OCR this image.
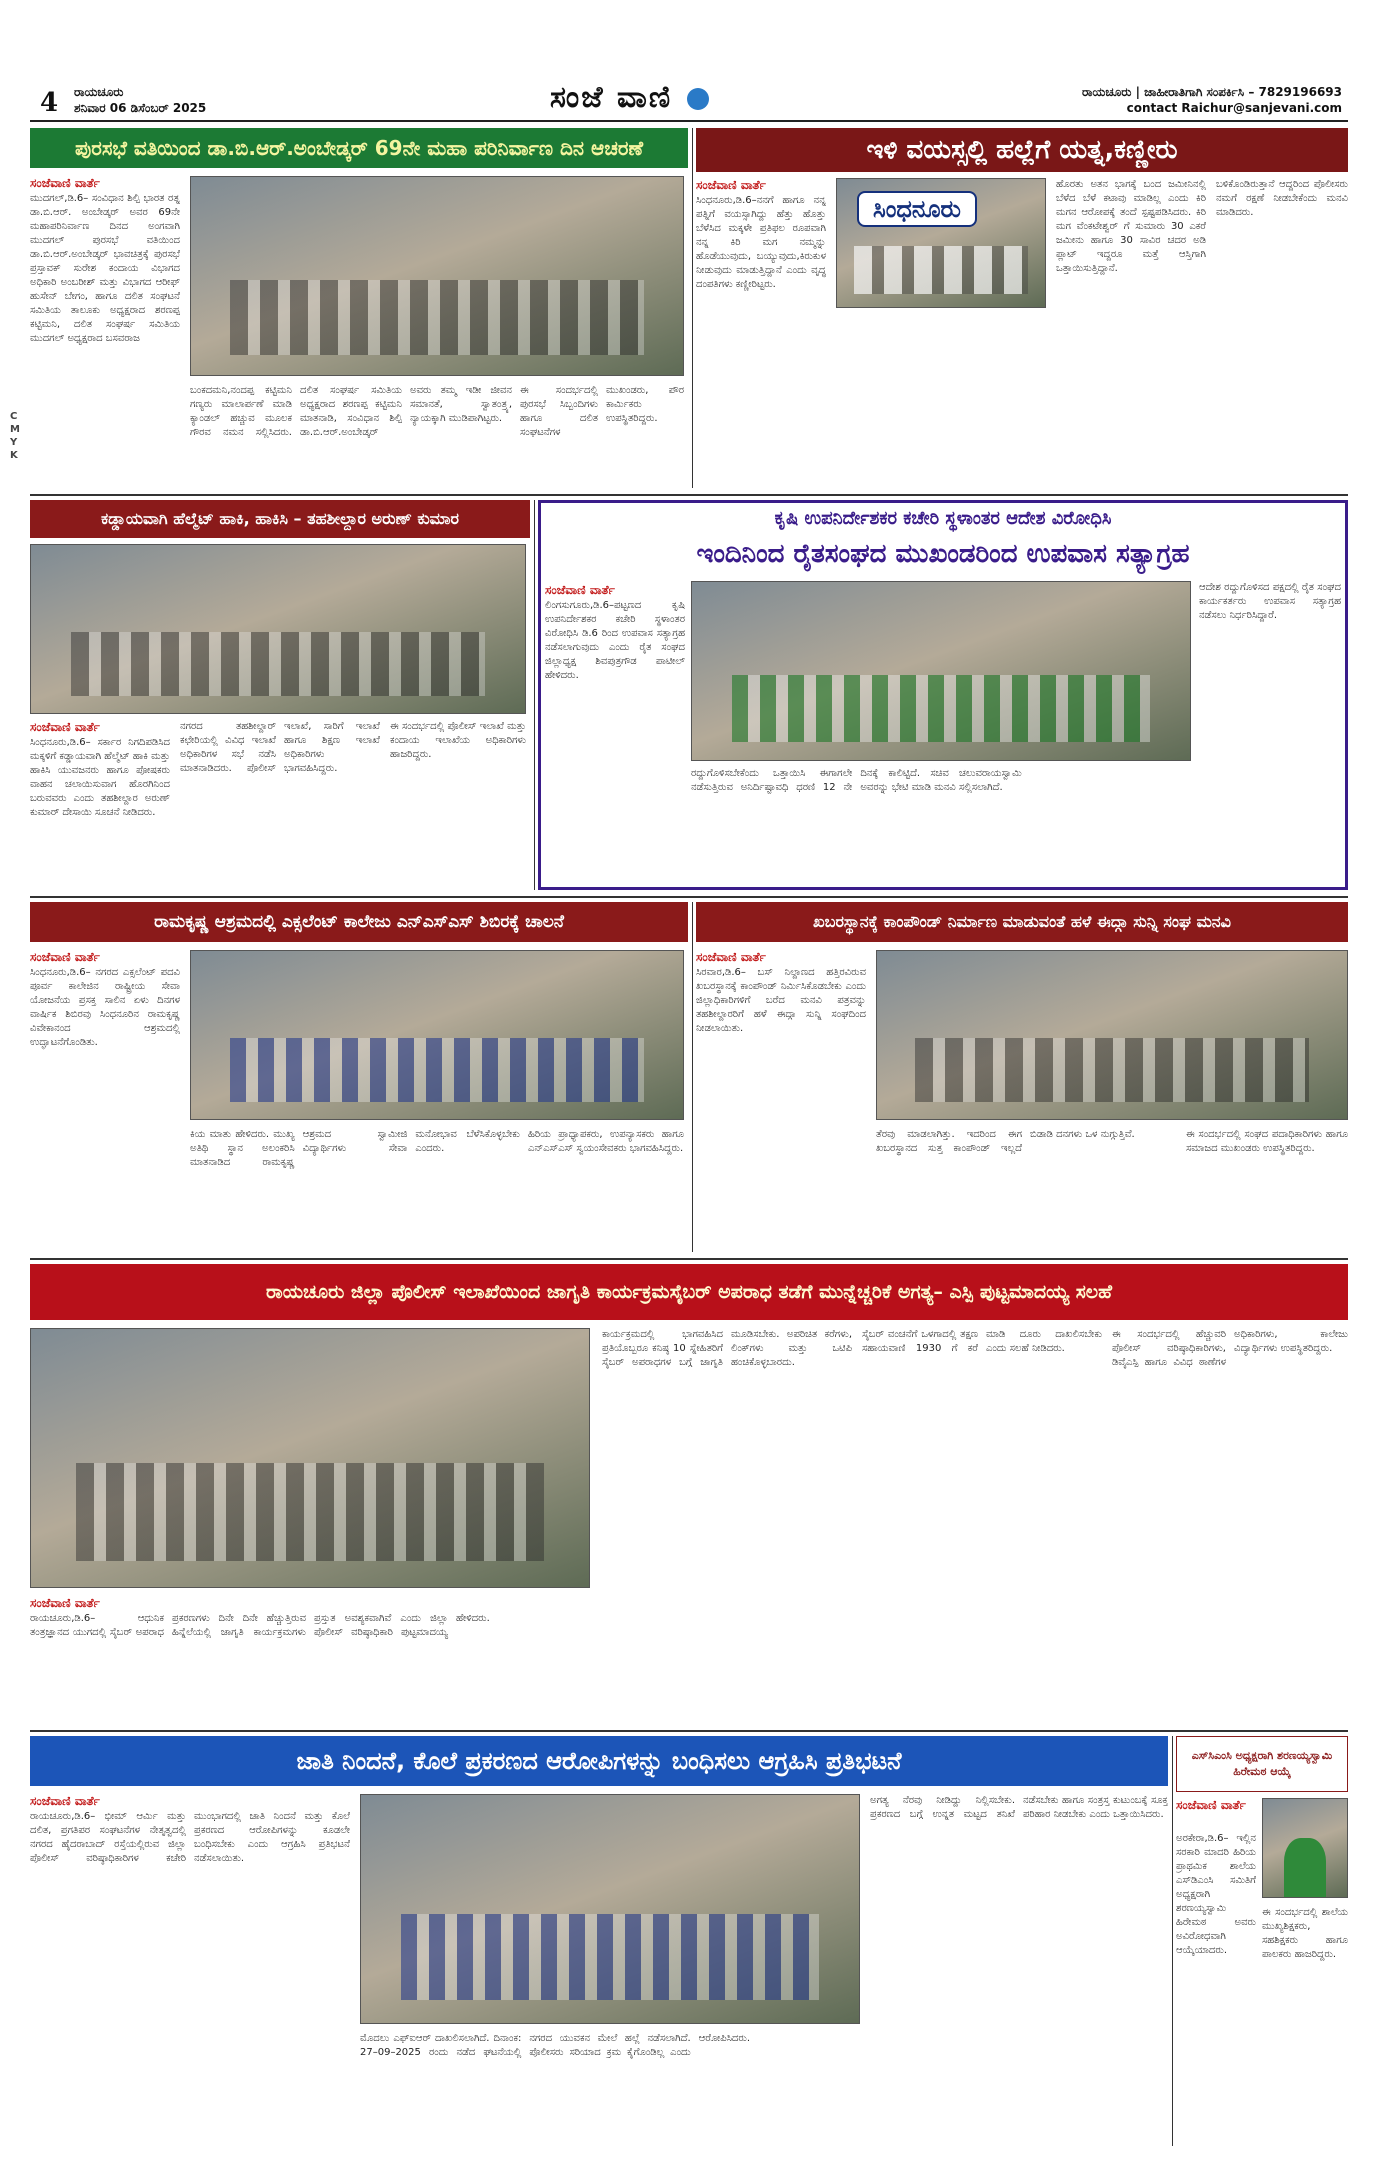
4 ರಾಯಚೂರು
ಶನಿವಾರ 06 ಡಿಸೆಂಬರ್ 2025	ಸಂಜೆ ವಾಣಿ	ರಾಯಚೂರು | ಜಾಹೀರಾತಿಗಾಗಿ ಸಂಪರ್ಕಿಸಿ – 7829196693
contact Raichur@sanjevani.com
C M Y K
ಪುರಸಭೆ ವತಿಯಿಂದ ಡಾ.ಬಿ.ಆರ್.ಅಂಬೇಡ್ಕರ್ 69ನೇ ಮಹಾ ಪರಿನಿರ್ವಾಣ ದಿನ ಆಚರಣೆ
ಸಂಜೆವಾಣಿ ವಾರ್ತೆ

ಮುದಗಲ್,ಡಿ.6– ಸಂವಿಧಾನ ಶಿಲ್ಪಿ ಭಾರತ ರತ್ನ ಡಾ.ಬಿ.ಆರ್. ಅಂಬೇಡ್ಕರ್ ಅವರ 69ನೇ ಮಹಾಪರಿನಿರ್ವಾಣ ದಿನದ ಅಂಗವಾಗಿ ಮುದಗಲ್ ಪುರಸಭೆ ವತಿಯಿಂದ ಡಾ.ಬಿ.ಆರ್.ಅಂಬೇಡ್ಕರ್ ಭಾವಚಿತ್ರಕ್ಕೆ ಪುರಸಭೆ ಪ್ರಸ್ತಾವಕ್ ಸುರೇಶ ಕಂದಾಯ ವಿಭಾಗದ ಅಧಿಕಾರಿ ಅಂಬರೀಶ್ ಮತ್ತು ವಿಭಾಗದ ಆರೀಫ್ ಹುಸೇನ್ ಬೇಗಂ, ಹಾಗೂ ದಲಿತ ಸಂಘಟನೆ ಸಮಿತಿಯ ತಾಲೂಕು ಅಧ್ಯಕ್ಷರಾದ ಶರಣಪ್ಪ ಕಟ್ಟಿಮನಿ, ದಲಿತ ಸಂಘರ್ಷ ಸಮಿತಿಯ ಮುದಗಲ್ ಅಧ್ಯಕ್ಷರಾದ ಬಸವರಾಜ

ಬಂಕದಮನಿ,ನಂದಪ್ಪ ಕಟ್ಟಿಮನಿ ಗಣ್ಯರು ಮಾಲಾರ್ಪಣೆ ಮಾಡಿ ಕ್ಯಾಂಡಲ್ ಹಚ್ಚುವ ಮೂಲಕ ಗೌರವ ನಮನ ಸಲ್ಲಿಸಿದರು. ದಲಿತ ಸಂಘರ್ಷ ಸಮಿತಿಯ ಅಧ್ಯಕ್ಷರಾದ ಶರಣಪ್ಪ ಕಟ್ಟಿಮನಿ ಮಾತನಾಡಿ, ಸಂವಿಧಾನ ಶಿಲ್ಪಿ ಡಾ.ಬಿ.ಆರ್.ಅಂಬೇಡ್ಕರ್ ಅವರು ತಮ್ಮ ಇಡೀ ಜೀವನ ಸಮಾನತೆ, ಸ್ವಾತಂತ್ರ್ಯ, ನ್ಯಾಯಕ್ಕಾಗಿ ಮುಡಿಪಾಗಿಟ್ಟರು.

ಈ ಸಂದರ್ಭದಲ್ಲಿ ಪುರಸಭೆ ಸಿಬ್ಬಂದಿಗಳು ಹಾಗೂ ದಲಿತ ಸಂಘಟನೆಗಳ ಮುಖಂಡರು, ಪೌರ ಕಾರ್ಮಿಕರು ಉಪಸ್ಥಿತರಿದ್ದರು.

ಇಳಿ ವಯಸ್ಸಲ್ಲಿ ಹಲ್ಲೆಗೆ ಯತ್ನ,ಕಣ್ಣೀರು
ಸಂಜೆವಾಣಿ ವಾರ್ತೆ

ಸಿಂಧನೂರು,ಡಿ.6–ನನಗೆ ಹಾಗೂ ನನ್ನ ಪತ್ನಿಗೆ ವಯಸ್ಸಾಗಿದ್ದು ಹೆತ್ತು ಹೊತ್ತು ಬೆಳೆಸಿದ ಮಕ್ಕಳೇ ಪ್ರತಿಫಲ ರೂಪವಾಗಿ ನನ್ನ ಕಿರಿ ಮಗ ನಮ್ಮನ್ನು ಹೊಡೆಯುವುದು, ಬಯ್ಯುವುದು,ಕಿರುಕುಳ ನೀಡುವುದು ಮಾಡುತ್ತಿದ್ದಾನೆ ಎಂದು ವೃದ್ಧ ದಂಪತಿಗಳು ಕಣ್ಣೀರಿಟ್ಟರು.

ಸಿಂಧನೂರು

ಹೊರತು ಅತನ ಭಾಗಕ್ಕೆ ಬಂದ ಜಮೀನಿನಲ್ಲಿ ಬೆಳೆದ ಬೆಳೆ ಕಟಾವು ಮಾಡಿಲ್ಲ ಎಂದು ಕಿರಿ ಮಗನ ಆರೋಪಕ್ಕೆ ತಂದೆ ಸ್ಪಷ್ಟಪಡಿಸಿದರು. ಕಿರಿ ಮಗ ವೆಂಕಟೇಶ್ವರ್ ಗೆ ಸುಮಾರು 30 ಎಕರೆ ಜಮೀನು ಹಾಗೂ 30 ಸಾವಿರ ಚದರ ಅಡಿ ಪ್ಲಾಟ್ ಇದ್ದರೂ ಮತ್ತೆ ಆಸ್ತಿಗಾಗಿ ಒತ್ತಾಯಿಸುತ್ತಿದ್ದಾನೆ.

ಬಳಿಕೊಂಡಿರುತ್ತಾನೆ ಆದ್ದರಿಂದ ಪೊಲೀಸರು ನಮಗೆ ರಕ್ಷಣೆ ನೀಡಬೇಕೆಂದು ಮನವಿ ಮಾಡಿದರು.

ಕಡ್ಡಾಯವಾಗಿ ಹೆಲ್ಮೆಟ್ ಹಾಕಿ, ಹಾಕಿಸಿ – ತಹಶೀಲ್ದಾರ ಅರುಣ್ ಕುಮಾರ
ಸಂಜೆವಾಣಿ ವಾರ್ತೆ

ಸಿಂಧನೂರು,ಡಿ.6– ಸರ್ಕಾರ ನಿಗದಿಪಡಿಸಿದ ಮಕ್ಕಳಿಗೆ ಕಡ್ಡಾಯವಾಗಿ ಹೆಲ್ಮೆಟ್ ಹಾಕಿ ಮತ್ತು ಹಾಕಿಸಿ ಯುವಜನರು ಹಾಗೂ ಪೋಷಕರು ವಾಹನ ಚಲಾಯಿಸುವಾಗ ಹೊರಗಿನಿಂದ ಬರುವವರು ಎಂದು ತಹಶೀಲ್ದಾರ ಅರುಣ್ ಕುಮಾರ್ ದೇಸಾಯಿ ಸೂಚನೆ ನೀಡಿದರು.

ನಗರದ ತಹಶೀಲ್ದಾರ್ ಕಛೇರಿಯಲ್ಲಿ ವಿವಿಧ ಇಲಾಖೆ ಅಧಿಕಾರಿಗಳ ಸಭೆ ನಡೆಸಿ ಮಾತನಾಡಿದರು. ಪೊಲೀಸ್ ಇಲಾಖೆ, ಸಾರಿಗೆ ಇಲಾಖೆ ಹಾಗೂ ಶಿಕ್ಷಣ ಇಲಾಖೆ ಅಧಿಕಾರಿಗಳು ಭಾಗವಹಿಸಿದ್ದರು.

ಈ ಸಂದರ್ಭದಲ್ಲಿ ಪೊಲೀಸ್ ಇಲಾಖೆ ಮತ್ತು ಕಂದಾಯ ಇಲಾಖೆಯ ಅಧಿಕಾರಿಗಳು ಹಾಜರಿದ್ದರು.

ಕೃಷಿ ಉಪನಿರ್ದೇಶಕರ ಕಚೇರಿ ಸ್ಥಳಾಂತರ ಆದೇಶ ವಿರೋಧಿಸಿ
ಇಂದಿನಿಂದ ರೈತಸಂಘದ ಮುಖಂಡರಿಂದ ಉಪವಾಸ ಸತ್ಯಾಗ್ರಹ
ಸಂಜೆವಾಣಿ ವಾರ್ತೆ

ಲಿಂಗಸುಗೂರು,ಡಿ.6–ಪಟ್ಟಣದ ಕೃಷಿ ಉಪನಿರ್ದೇಶಕರ ಕಚೇರಿ ಸ್ಥಳಾಂತರ ವಿರೋಧಿಸಿ ಡಿ.6 ರಿಂದ ಉಪವಾಸ ಸತ್ಯಾಗ್ರಹ ನಡೆಸಲಾಗುವುದು ಎಂದು ರೈತ ಸಂಘದ ಜಿಲ್ಲಾಧ್ಯಕ್ಷ ಶಿವಪುತ್ರಗೌಡ ಪಾಟೀಲ್ ಹೇಳಿದರು.

ರದ್ದುಗೊಳಿಸಬೇಕೆಂದು ಒತ್ತಾಯಿಸಿ ಈಗಾಗಲೇ ನಡೆಸುತ್ತಿರುವ ಅನಿರ್ದಿಷ್ಟಾವಧಿ ಧರಣಿ 12 ನೇ ದಿನಕ್ಕೆ ಕಾಲಿಟ್ಟಿದೆ. ಸಚಿವ ಚಲುವರಾಯಸ್ವಾಮಿ ಅವರನ್ನು ಭೇಟಿ ಮಾಡಿ ಮನವಿ ಸಲ್ಲಿಸಲಾಗಿದೆ.

ಆದೇಶ ರದ್ದುಗೊಳಿಸದ ಪಕ್ಷದಲ್ಲಿ ರೈತ ಸಂಘದ ಕಾರ್ಯಕರ್ತರು ಉಪವಾಸ ಸತ್ಯಾಗ್ರಹ ನಡೆಸಲು ನಿರ್ಧರಿಸಿದ್ದಾರೆ.

ರಾಮಕೃಷ್ಣ ಆಶ್ರಮದಲ್ಲಿ ಎಕ್ಸಲೆಂಟ್ ಕಾಲೇಜು ಎನ್‌ಎಸ್‌ಎಸ್ ಶಿಬಿರಕ್ಕೆ ಚಾಲನೆ
ಸಂಜೆವಾಣಿ ವಾರ್ತೆ

ಸಿಂಧನೂರು,ಡಿ.6– ನಗರದ ಎಕ್ಸಲೆಂಟ್ ಪದವಿ ಪೂರ್ವ ಕಾಲೇಜಿನ ರಾಷ್ಟ್ರೀಯ ಸೇವಾ ಯೋಜನೆಯ ಪ್ರಸಕ್ತ ಸಾಲಿನ ಏಳು ದಿನಗಳ ವಾರ್ಷಿಕ ಶಿಬಿರವು ಸಿಂಧನೂರಿನ ರಾಮಕೃಷ್ಣ ವಿವೇಕಾನಂದ ಆಶ್ರಮದಲ್ಲಿ ಉದ್ಘಾಟನೆಗೊಂಡಿತು.

ಕಿಯ ಮಾತು ಹೇಳಿದರು. ಮುಖ್ಯ ಅತಿಥಿ ಸ್ಥಾನ ಅಲಂಕರಿಸಿ ಮಾತನಾಡಿದ ರಾಮಕೃಷ್ಣ ಆಶ್ರಮದ ಸ್ವಾಮೀಜಿ ವಿದ್ಯಾರ್ಥಿಗಳು ಸೇವಾ ಮನೋಭಾವ ಬೆಳೆಸಿಕೊಳ್ಳಬೇಕು ಎಂದರು.

ಹಿರಿಯ ಪ್ರಾಧ್ಯಾಪಕರು, ಉಪನ್ಯಾಸಕರು ಹಾಗೂ ಎನ್‌ಎಸ್‌ಎಸ್ ಸ್ವಯಂಸೇವಕರು ಭಾಗವಹಿಸಿದ್ದರು.

ಖಬರಸ್ಥಾನಕ್ಕೆ ಕಾಂಪೌಂಡ್ ನಿರ್ಮಾಣ ಮಾಡುವಂತೆ ಹಳೆ ಈದ್ಗಾ ಸುನ್ನಿ ಸಂಘ ಮನವಿ
ಸಂಜೆವಾಣಿ ವಾರ್ತೆ

ಸಿರವಾರ,ಡಿ.6– ಬಸ್ ನಿಲ್ದಾಣದ ಹತ್ತಿರವಿರುವ ಖಬರಸ್ಥಾನಕ್ಕೆ ಕಾಂಪೌಂಡ್ ನಿರ್ಮಿಸಿಕೊಡಬೇಕು ಎಂದು ಜಿಲ್ಲಾಧಿಕಾರಿಗಳಿಗೆ ಬರೆದ ಮನವಿ ಪತ್ರವನ್ನು ತಹಶೀಲ್ದಾರರಿಗೆ ಹಳೆ ಈದ್ಗಾ ಸುನ್ನಿ ಸಂಘದಿಂದ ನೀಡಲಾಯಿತು.

ತೆರವು ಮಾಡಲಾಗಿತ್ತು. ಇದರಿಂದ ಈಗ ಖಬರಸ್ಥಾನದ ಸುತ್ತ ಕಾಂಪೌಂಡ್ ಇಲ್ಲದೆ ಬಿಡಾಡಿ ದನಗಳು ಒಳ ನುಗ್ಗುತ್ತಿವೆ.	ಈ ಸಂದರ್ಭದಲ್ಲಿ ಸಂಘದ ಪದಾಧಿಕಾರಿಗಳು ಹಾಗೂ ಸಮಾಜದ ಮುಖಂಡರು ಉಪಸ್ಥಿತರಿದ್ದರು.

ರಾಯಚೂರು ಜಿಲ್ಲಾ ಪೊಲೀಸ್ ಇಲಾಖೆಯಿಂದ ಜಾಗೃತಿ ಕಾರ್ಯಕ್ರಮಸೈಬರ್ ಅಪರಾಧ ತಡೆಗೆ ಮುನ್ನೆಚ್ಚರಿಕೆ ಅಗತ್ಯ– ಎಸ್ಪಿ ಪುಟ್ಟಮಾದಯ್ಯ ಸಲಹೆ
ಸಂಜೆವಾಣಿ ವಾರ್ತೆ

ರಾಯಚೂರು,ಡಿ.6– ಆಧುನಿಕ ತಂತ್ರಜ್ಞಾನದ ಯುಗದಲ್ಲಿ ಸೈಬರ್ ಅಪರಾಧ ಪ್ರಕರಣಗಳು ದಿನೇ ದಿನೇ ಹೆಚ್ಚುತ್ತಿರುವ ಹಿನ್ನೆಲೆಯಲ್ಲಿ ಜಾಗೃತಿ ಕಾರ್ಯಕ್ರಮಗಳು ಪ್ರಸ್ತುತ ಅವಶ್ಯಕವಾಗಿವೆ ಎಂದು ಜಿಲ್ಲಾ ಪೊಲೀಸ್ ವರಿಷ್ಠಾಧಿಕಾರಿ ಪುಟ್ಟಮಾದಯ್ಯ ಹೇಳಿದರು.

ಕಾರ್ಯಕ್ರಮದಲ್ಲಿ ಭಾಗವಹಿಸಿದ ಪ್ರತಿಯೊಬ್ಬರೂ ಕನಿಷ್ಠ 10 ಸ್ನೇಹಿತರಿಗೆ ಸೈಬರ್ ಅಪರಾಧಗಳ ಬಗ್ಗೆ ಜಾಗೃತಿ ಮೂಡಿಸಬೇಕು. ಅಪರಿಚಿತ ಕರೆಗಳು, ಲಿಂಕ್‌ಗಳು ಮತ್ತು ಒಟಿಪಿ ಹಂಚಿಕೊಳ್ಳಬಾರದು.

ಸೈಬರ್ ವಂಚನೆಗೆ ಒಳಗಾದಲ್ಲಿ ತಕ್ಷಣ ಸಹಾಯವಾಣಿ 1930 ಗೆ ಕರೆ ಮಾಡಿ ದೂರು ದಾಖಲಿಸಬೇಕು ಎಂದು ಸಲಹೆ ನೀಡಿದರು.

ಈ ಸಂದರ್ಭದಲ್ಲಿ ಹೆಚ್ಚುವರಿ ಪೊಲೀಸ್ ವರಿಷ್ಠಾಧಿಕಾರಿಗಳು, ಡಿವೈಎಸ್ಪಿ ಹಾಗೂ ವಿವಿಧ ಠಾಣೆಗಳ ಅಧಿಕಾರಿಗಳು, ಕಾಲೇಜು ವಿದ್ಯಾರ್ಥಿಗಳು ಉಪಸ್ಥಿತರಿದ್ದರು.

ಜಾತಿ ನಿಂದನೆ, ಕೊಲೆ ಪ್ರಕರಣದ ಆರೋಪಿಗಳನ್ನು ಬಂಧಿಸಲು ಆಗ್ರಹಿಸಿ ಪ್ರತಿಭಟನೆ
ಸಂಜೆವಾಣಿ ವಾರ್ತೆ

ರಾಯಚೂರು,ಡಿ.6– ಭೀಮ್ ಆರ್ಮಿ ಮತ್ತು ದಲಿತ, ಪ್ರಗತಿಪರ ಸಂಘಟನೆಗಳ ನೇತೃತ್ವದಲ್ಲಿ ನಗರದ ಹೈದರಾಬಾದ್ ರಸ್ತೆಯಲ್ಲಿರುವ ಜಿಲ್ಲಾ ಪೊಲೀಸ್ ವರಿಷ್ಠಾಧಿಕಾರಿಗಳ ಕಚೇರಿ ಮುಂಭಾಗದಲ್ಲಿ ಜಾತಿ ನಿಂದನೆ ಮತ್ತು ಕೊಲೆ ಪ್ರಕರಣದ ಆರೋಪಿಗಳನ್ನು ಕೂಡಲೇ ಬಂಧಿಸಬೇಕು ಎಂದು ಆಗ್ರಹಿಸಿ ಪ್ರತಿಭಟನೆ ನಡೆಸಲಾಯಿತು.

ಮೊದಲು ಎಫ್‌ಐಆರ್ ದಾಖಲಿಸಲಾಗಿದೆ. ದಿನಾಂಕ: 27–09–2025 ರಂದು ನಡೆದ ಘಟನೆಯಲ್ಲಿ ನಗರದ ಯುವಕನ ಮೇಲೆ ಹಲ್ಲೆ ನಡೆಸಲಾಗಿದೆ. ಪೊಲೀಸರು ಸರಿಯಾದ ಕ್ರಮ ಕೈಗೊಂಡಿಲ್ಲ ಎಂದು ಆರೋಪಿಸಿದರು.

ಅಗತ್ಯ ನೆರವು ನೀಡಿದ್ದು ನಿಲ್ಲಿಸಬೇಕು. ಪ್ರಕರಣದ ಬಗ್ಗೆ ಉನ್ನತ ಮಟ್ಟದ ತನಿಖೆ ನಡೆಸಬೇಕು ಹಾಗೂ ಸಂತ್ರಸ್ತ ಕುಟುಂಬಕ್ಕೆ ಸೂಕ್ತ ಪರಿಹಾರ ನೀಡಬೇಕು ಎಂದು ಒತ್ತಾಯಿಸಿದರು.

ಎಸ್‌ಸಿಎಂಸಿ ಅಧ್ಯಕ್ಷರಾಗಿ ಶರಣಯ್ಯಸ್ವಾಮಿ ಹಿರೇಮಠ ಆಯ್ಕೆ
ಸಂಜೆವಾಣಿ ವಾರ್ತೆ

ಅರಕೇರಾ,ಡಿ.6– ಇಲ್ಲಿನ ಸರಕಾರಿ ಮಾದರಿ ಹಿರಿಯ ಪ್ರಾಥಮಿಕ ಶಾಲೆಯ ಎಸ್‌ಡಿಎಂಸಿ ಸಮಿತಿಗೆ ಅಧ್ಯಕ್ಷರಾಗಿ ಶರಣಯ್ಯಸ್ವಾಮಿ ಹಿರೇಮಠ ಅವರು ಅವಿರೋಧವಾಗಿ ಆಯ್ಕೆಯಾದರು.

ಈ ಸಂದರ್ಭದಲ್ಲಿ ಶಾಲೆಯ ಮುಖ್ಯಶಿಕ್ಷಕರು, ಸಹಶಿಕ್ಷಕರು ಹಾಗೂ ಪಾಲಕರು ಹಾಜರಿದ್ದರು.
